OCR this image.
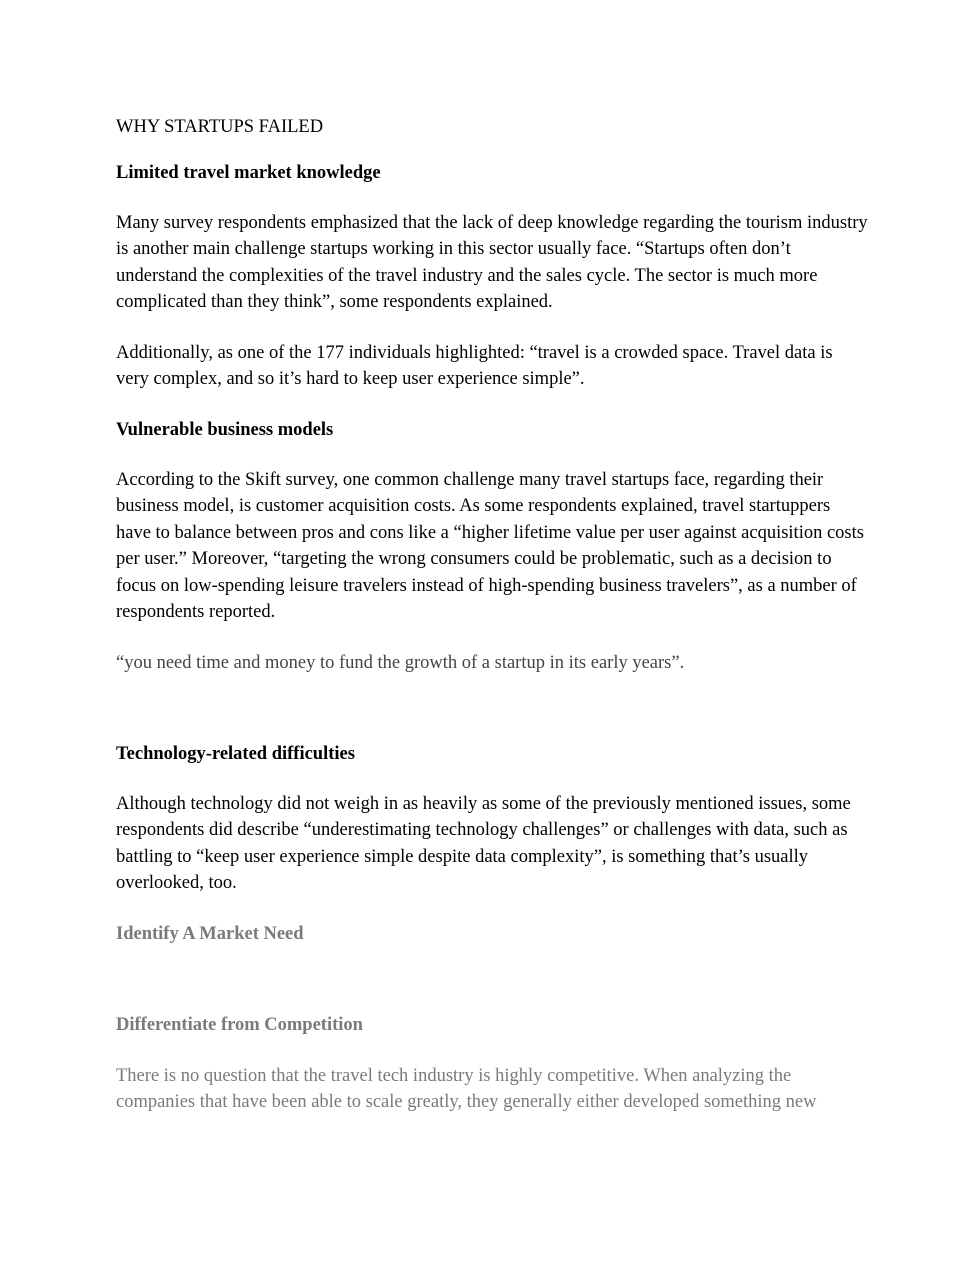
WHY STARTUPS FAILED

Limited travel market knowledge

Many survey respondents emphasized that the lack of deep knowledge regarding the tourism industry is another main challenge startups working in this sector usually face. “Startups often don’t understand the complexities of the travel industry and the sales cycle. The sector is much more complicated than they think”, some respondents explained.

Additionally, as one of the 177 individuals highlighted: “travel is a crowded space. Travel data is very complex, and so it’s hard to keep user experience simple”.

Vulnerable business models

According to the Skift survey, one common challenge many travel startups face, regarding their business model, is customer acquisition costs. As some respondents explained, travel startuppers have to balance between pros and cons like a “higher lifetime value per user against acquisition costs per user.” Moreover, “targeting the wrong consumers could be problematic, such as a decision to focus on low-spending leisure travelers instead of high-spending business travelers”, as a number of respondents reported.

“you need time and money to fund the growth of a startup in its early years”.

Technology-related difficulties

Although technology did not weigh in as heavily as some of the previously mentioned issues, some respondents did describe “underestimating technology challenges” or challenges with data, such as battling to “keep user experience simple despite data complexity”, is something that’s usually overlooked, too.

Identify A Market Need

Differentiate from Competition

There is no question that the travel tech industry is highly competitive. When analyzing the companies that have been able to scale greatly, they generally either developed something new
